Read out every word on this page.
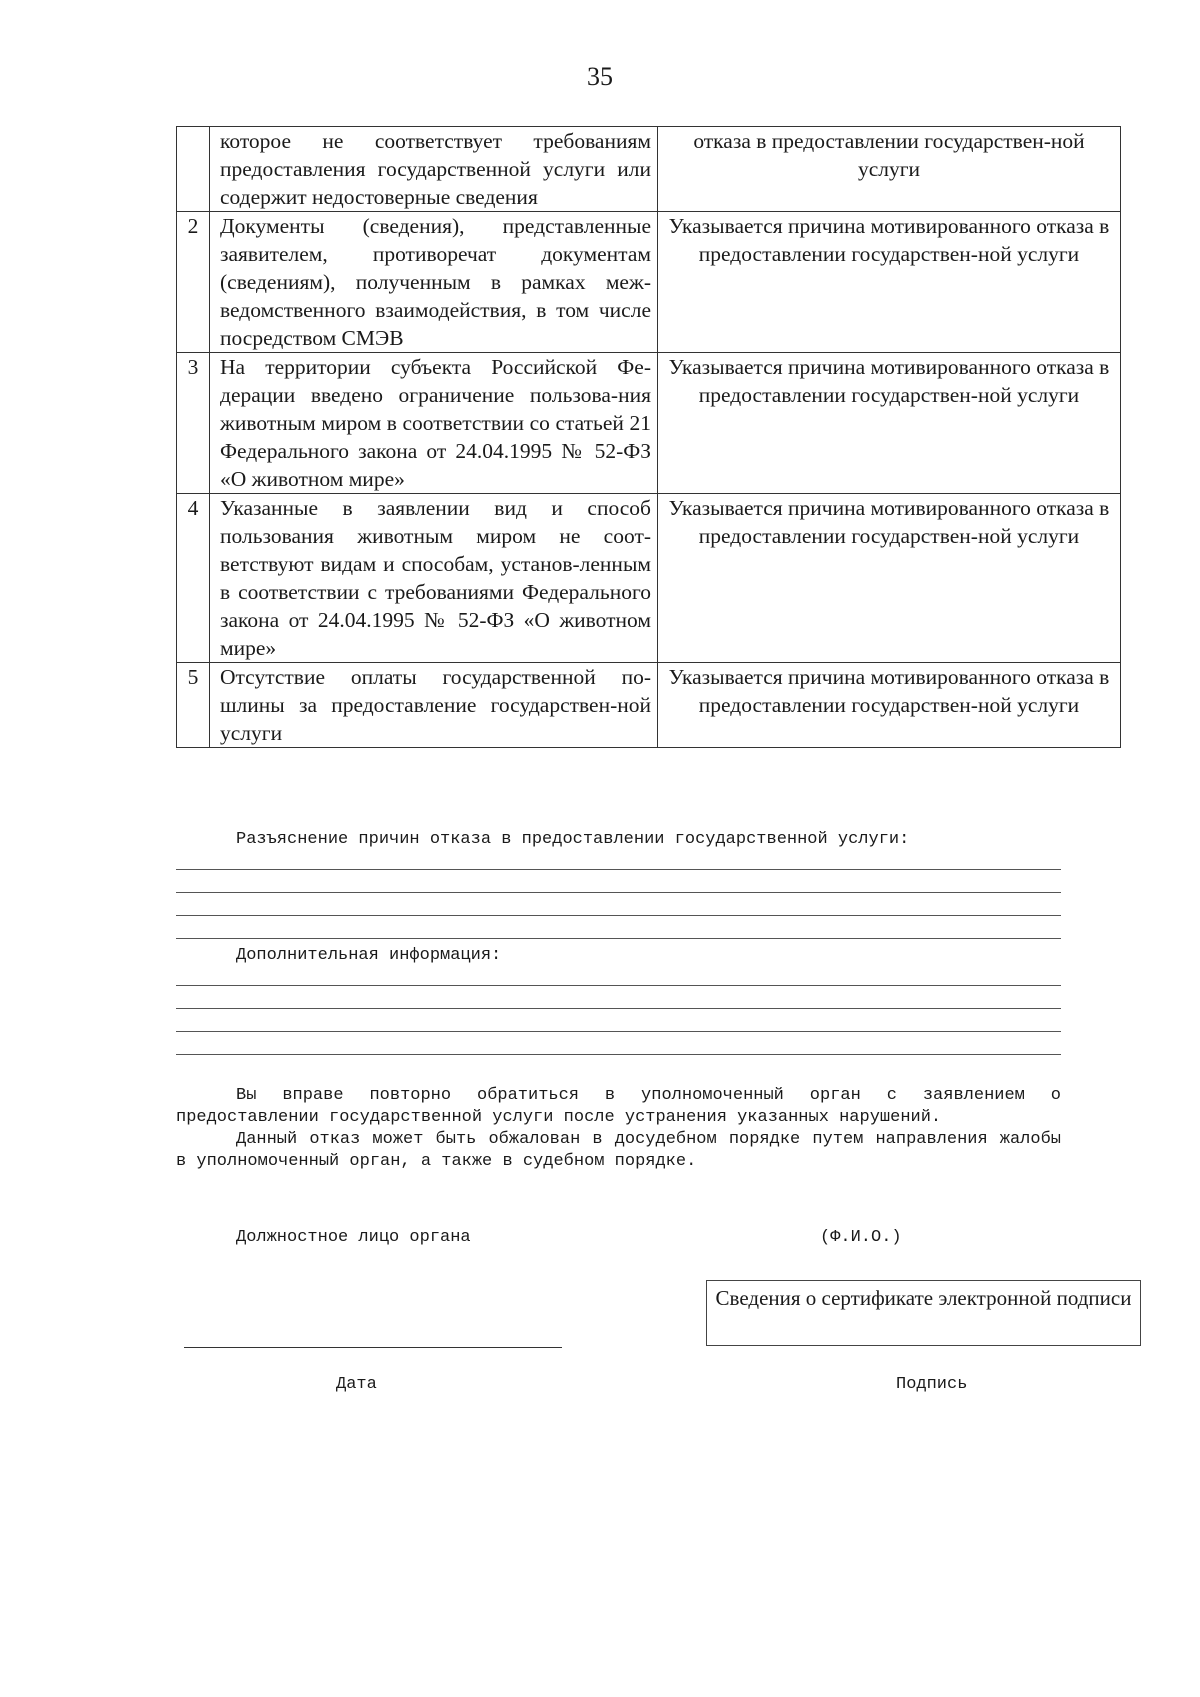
35
	которое не соответствует требованиям предоставления государственной услуги или содержит недостоверные сведения	отказа в предоставлении государствен-ной услуги
2	Документы (сведения), представленные заявителем, противоречат документам (сведениям), полученным в рамках меж-ведомственного взаимодействия, в том числе посредством СМЭВ	Указывается причина мотивированного отказа в предоставлении государствен-ной услуги
3	На территории субъекта Российской Фе-дерации введено ограничение пользова-ния животным миром в соответствии со статьей 21 Федерального закона от 24.04.1995 № 52-ФЗ «О животном мире»	Указывается причина мотивированного отказа в предоставлении государствен-ной услуги
4	Указанные в заявлении вид и способ пользования животным миром не соот-ветствуют видам и способам, установ-ленным в соответствии с требованиями Федерального закона от 24.04.1995 № 52-ФЗ «О животном мире»	Указывается причина мотивированного отказа в предоставлении государствен-ной услуги
5	Отсутствие оплаты государственной по-шлины за предоставление государствен-ной услуги	Указывается причина мотивированного отказа в предоставлении государствен-ной услуги
Разъяснение причин отказа в предоставлении государственной услуги:
Дополнительная информация:

Вы вправе повторно обратиться в уполномоченный орган с заявлением о предоставлении государственной услуги после устранения указанных нарушений.

Данный отказ может быть обжалован в досудебном порядке путем направления жалобы в уполномоченный орган, а также в судебном порядке.

Должностное лицо органа	(Ф.И.О.)
Сведения о сертификате электронной подписи
Дата	Подпись
